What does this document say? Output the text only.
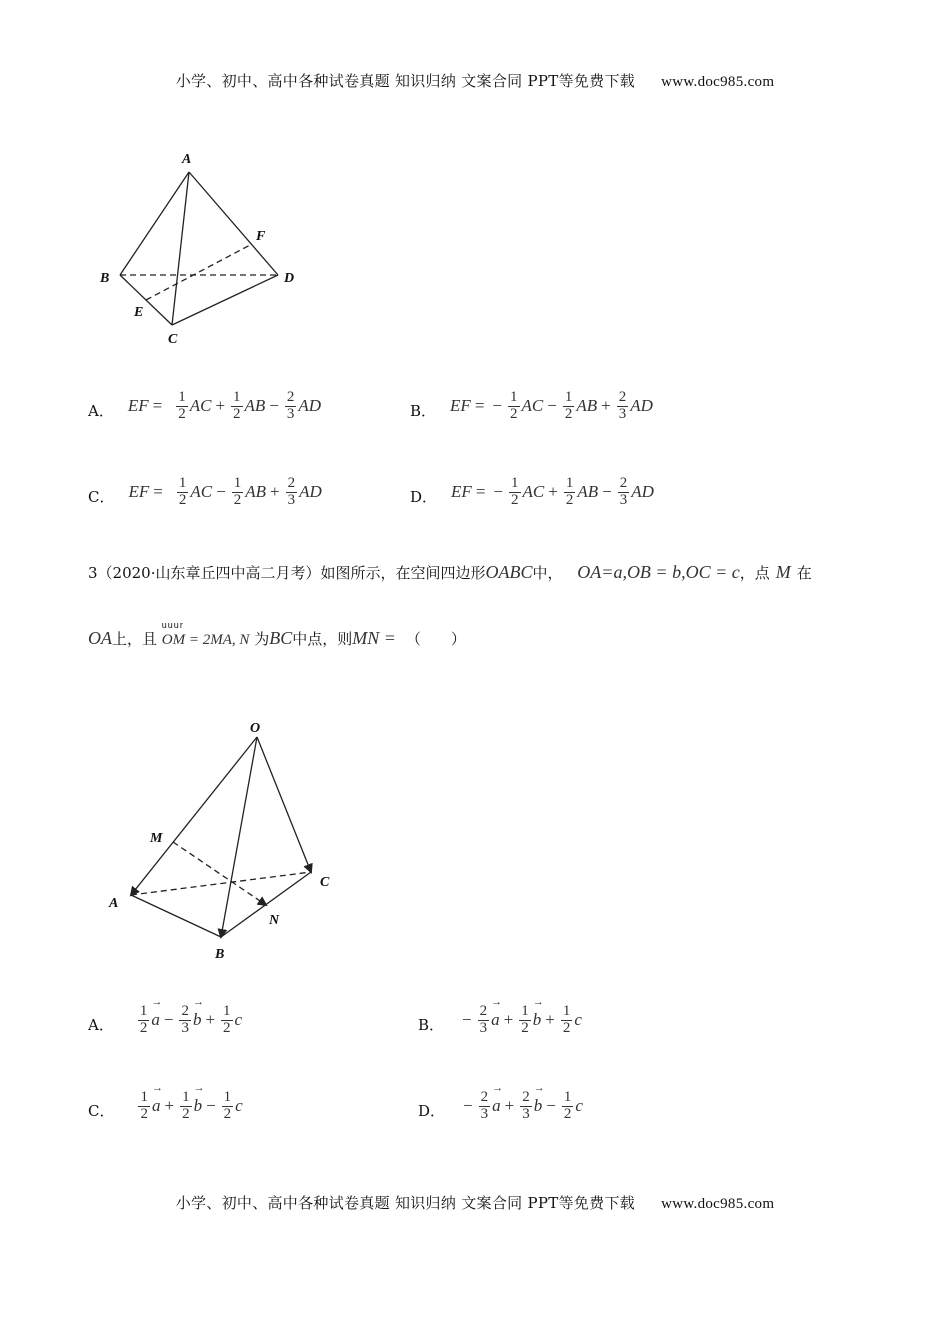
小学、初中、高中各种试卷真题 知识归纳 文案合同 PPT等免费下载 www.doc985.com
A
B
C
D
E
F
A． EF = $\frac{1}{2}$ AC + $\frac{1}{2}$ AB − $\frac{2}{3}$ AD	B． EF = − $\frac{1}{2}$ AC − $\frac{1}{2}$ AB + $\frac{2}{3}$ AD
C． EF = $\frac{1}{2}$ AC − $\frac{1}{2}$ AB + $\frac{2}{3}$ AD	D． EF = − $\frac{1}{2}$ AC + $\frac{1}{2}$ AB − $\frac{2}{3}$ AD
3（2020·山东章丘四中高二月考）如图所示，在空间四边形OABC中， OA=a,OB = b,OC = c，点 M 在
OA上，且
uuur
OM = 2MA, N 为BC中点，则MN = （　　）
O
A
B
C
M
N
A． $\frac{1}{2}$
→
$a - \frac{2}{3}$
→
$b + \frac{1}{2}$ c	B． − $\frac{2}{3}$
→
$a + \frac{1}{2}$
→
$b + \frac{1}{2}$ c
C． $\frac{1}{2}$
→
$a + \frac{1}{2}$
→
$b - \frac{1}{2}$ c	D． − $\frac{2}{3}$
→
$a + \frac{2}{3}$
→
$b - \frac{1}{2}$ c
小学、初中、高中各种试卷真题 知识归纳 文案合同 PPT等免费下载 www.doc985.com
